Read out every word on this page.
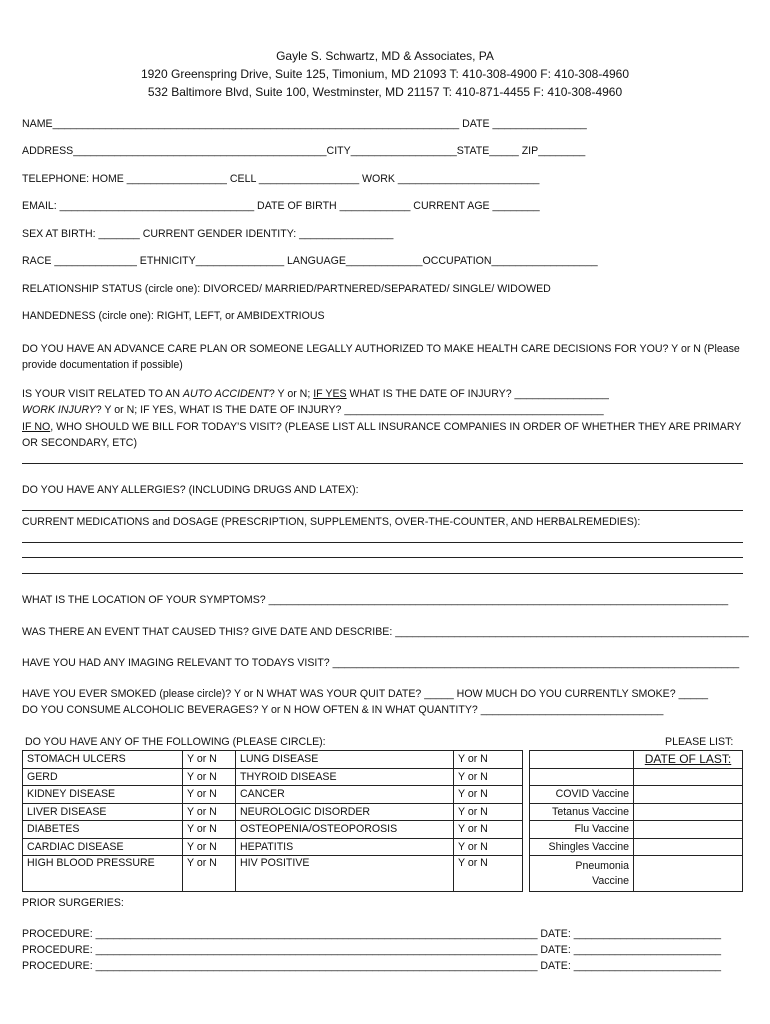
Gayle S. Schwartz, MD & Associates, PA
1920 Greenspring Drive, Suite 125, Timonium, MD 21093 T: 410-308-4900 F: 410-308-4960
532 Baltimore Blvd, Suite 100, Westminster, MD 21157 T: 410-871-4455 F: 410-308-4960
NAME_____________________________________________________________________ DATE ________________
ADDRESS___________________________________________CITY__________________STATE_____ ZIP________
TELEPHONE: HOME _________________ CELL _________________ WORK ________________________
EMAIL: _________________________________ DATE OF BIRTH ____________ CURRENT AGE ________
SEX AT BIRTH: _______ CURRENT GENDER IDENTITY: ________________
RACE ______________ ETHNICITY_______________ LANGUAGE_____________OCCUPATION__________________
RELATIONSHIP STATUS (circle one): DIVORCED/ MARRIED/PARTNERED/SEPARATED/ SINGLE/ WIDOWED
HANDEDNESS (circle one): RIGHT, LEFT, or AMBIDEXTRIOUS
DO YOU HAVE AN ADVANCE CARE PLAN OR SOMEONE LEGALLY AUTHORIZED TO MAKE HEALTH CARE DECISIONS FOR YOU? Y or N (Please provide documentation if possible)
IS YOUR VISIT RELATED TO AN AUTO ACCIDENT? Y or N; IF YES WHAT IS THE DATE OF INJURY? ________________
WORK INJURY? Y or N; IF YES, WHAT IS THE DATE OF INJURY? ____________________________________________
IF NO, WHO SHOULD WE BILL FOR TODAY’S VISIT? (PLEASE LIST ALL INSURANCE COMPANIES IN ORDER OF WHETHER THEY ARE PRIMARY OR SECONDARY, ETC)
DO YOU HAVE ANY ALLERGIES? (INCLUDING DRUGS AND LATEX):
CURRENT MEDICATIONS and DOSAGE (PRESCRIPTION, SUPPLEMENTS, OVER-THE-COUNTER, AND HERBALREMEDIES):
WHAT IS THE LOCATION OF YOUR SYMPTOMS? ______________________________________________________________________________
WAS THERE AN EVENT THAT CAUSED THIS? GIVE DATE AND DESCRIBE: ____________________________________________________________
HAVE YOU HAD ANY IMAGING RELEVANT TO TODAYS VISIT? _____________________________________________________________________
HAVE YOU EVER SMOKED (please circle)? Y or N WHAT WAS YOUR QUIT DATE? _____ HOW MUCH DO YOU CURRENTLY SMOKE? _____
DO YOU CONSUME ALCOHOLIC BEVERAGES? Y or N HOW OFTEN & IN WHAT QUANTITY? _______________________________
DO YOU HAVE ANY OF THE FOLLOWING (PLEASE CIRCLE):	PLEASE LIST:
STOMACH ULCERS	Y or N	LUNG DISEASE	Y or N			DATE OF LAST:
GERD	Y or N	THYROID DISEASE	Y or N			
KIDNEY DISEASE	Y or N	CANCER	Y or N		COVID Vaccine	
LIVER DISEASE	Y or N	NEUROLOGIC DISORDER	Y or N		Tetanus Vaccine	
DIABETES	Y or N	OSTEOPENIA/OSTEOPOROSIS	Y or N		Flu Vaccine	
CARDIAC DISEASE	Y or N	HEPATITIS	Y or N		Shingles Vaccine	
HIGH BLOOD PRESSURE	Y or N	HIV POSITIVE	Y or N		Pneumonia
Vaccine	
PRIOR SURGERIES:
PROCEDURE: ___________________________________________________________________________ DATE: _________________________
PROCEDURE: ___________________________________________________________________________ DATE: _________________________
PROCEDURE: ___________________________________________________________________________ DATE: _________________________
